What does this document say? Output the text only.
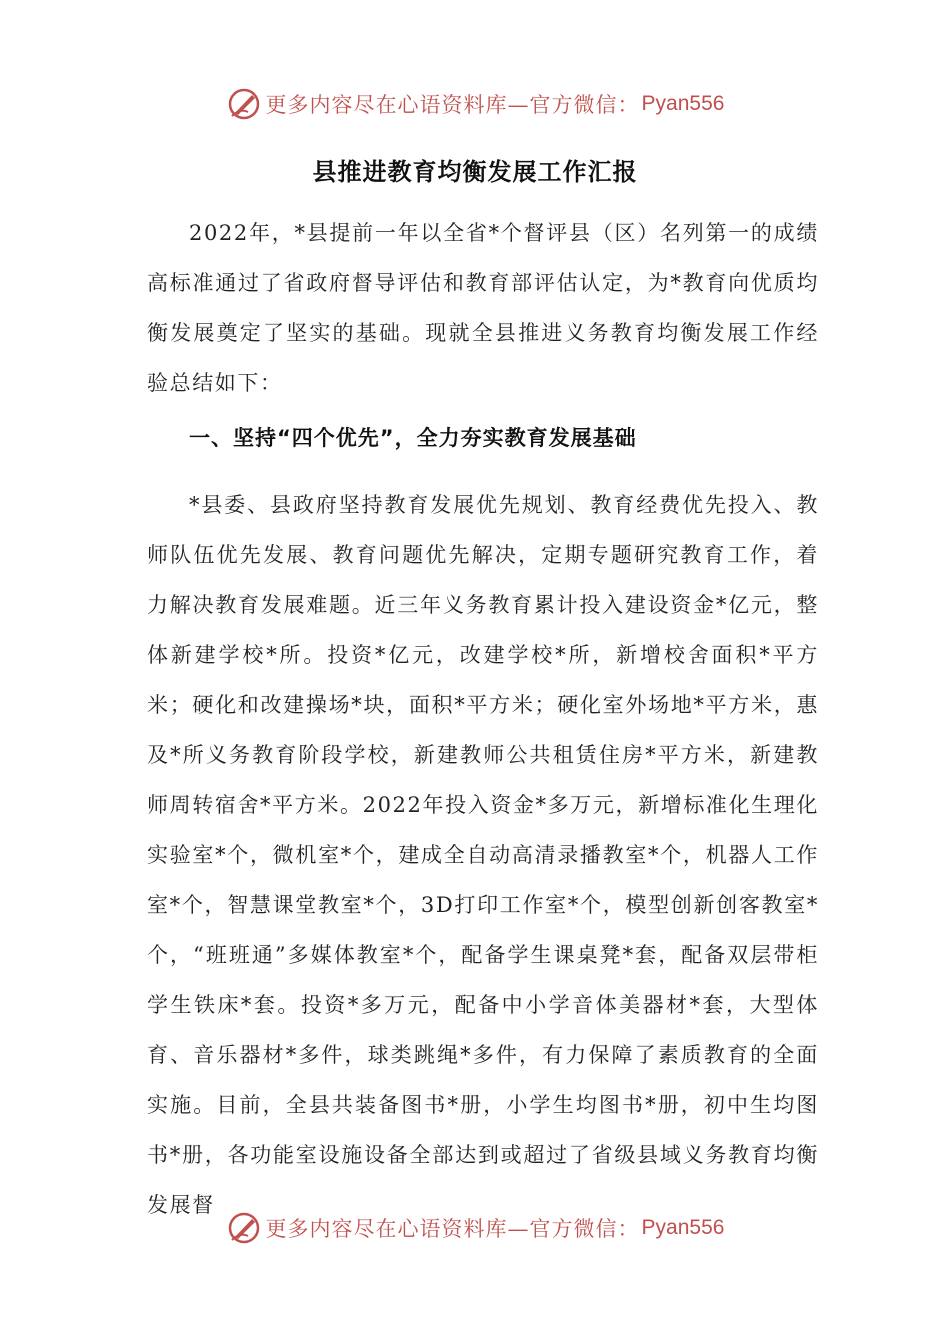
更多内容尽在心语资料库—官方微信： Pyan556
县推进教育均衡发展工作汇报

2022年，*县提前一年以全省*个督评县（区）名列第一的成绩高标准通过了省政府督导评估和教育部评估认定，为*教育向优质均衡发展奠定了坚实的基础。现就全县推进义务教育均衡发展工作经验总结如下：

一、坚持“四个优先”，全力夯实教育发展基础

*县委、县政府坚持教育发展优先规划、教育经费优先投入、教师队伍优先发展、教育问题优先解决，定期专题研究教育工作，着力解决教育发展难题。近三年义务教育累计投入建设资金*亿元，整体新建学校*所。投资*亿元，改建学校*所，新增校舍面积*平方米；硬化和改建操场*块，面积*平方米；硬化室外场地*平方米，惠及*所义务教育阶段学校，新建教师公共租赁住房*平方米，新建教师周转宿舍*平方米。2022年投入资金*多万元，新增标准化生理化实验室*个，微机室*个，建成全自动高清录播教室*个，机器人工作室*个，智慧课堂教室*个，3D打印工作室*个，模型创新创客教室*个，“班班通”多媒体教室*个，配备学生课桌凳*套，配备双层带柜学生铁床*套。投资*多万元，配备中小学音体美器材*套，大型体育、音乐器材*多件，球类跳绳*多件，有力保障了素质教育的全面实施。目前，全县共装备图书*册，小学生均图书*册，初中生均图书*册，各功能室设施设备全部达到或超过了省级县域义务教育均衡发展督

更多内容尽在心语资料库—官方微信： Pyan556
